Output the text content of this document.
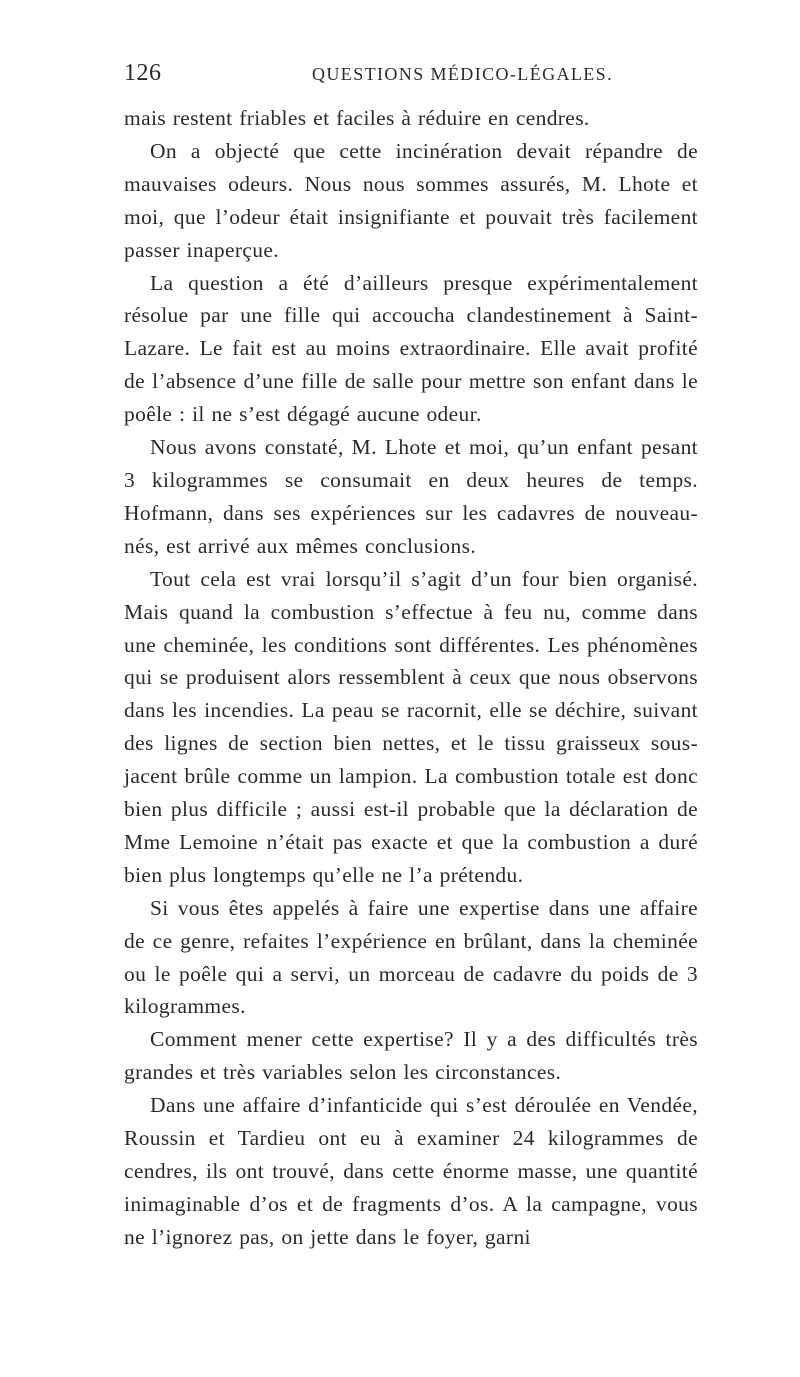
126	QUESTIONS MÉDICO-LÉGALES.

mais restent friables et faciles à réduire en cendres.

On a objecté que cette incinération devait répandre de mauvaises odeurs. Nous nous sommes assurés, M. Lhote et moi, que l’odeur était insignifiante et pouvait très facilement passer inaperçue.

La question a été d’ailleurs presque expérimentalement résolue par une fille qui accoucha clandestinement à Saint-Lazare. Le fait est au moins extraordinaire. Elle avait profité de l’absence d’une fille de salle pour mettre son enfant dans le poêle : il ne s’est dégagé aucune odeur.

Nous avons constaté, M. Lhote et moi, qu’un enfant pesant 3 kilogrammes se consumait en deux heures de temps. Hofmann, dans ses expériences sur les cadavres de nouveau-nés, est arrivé aux mêmes conclusions.

Tout cela est vrai lorsqu’il s’agit d’un four bien organisé. Mais quand la combustion s’effectue à feu nu, comme dans une cheminée, les conditions sont différentes. Les phénomènes qui se produisent alors ressemblent à ceux que nous observons dans les incendies. La peau se racornit, elle se déchire, suivant des lignes de section bien nettes, et le tissu graisseux sous-jacent brûle comme un lampion. La combustion totale est donc bien plus difficile ; aussi est-il probable que la déclaration de Mme Lemoine n’était pas exacte et que la combustion a duré bien plus longtemps qu’elle ne l’a prétendu.

Si vous êtes appelés à faire une expertise dans une affaire de ce genre, refaites l’expérience en brûlant, dans la cheminée ou le poêle qui a servi, un morceau de cadavre du poids de 3 kilogrammes.

Comment mener cette expertise? Il y a des difficultés très grandes et très variables selon les circonstances.

Dans une affaire d’infanticide qui s’est déroulée en Vendée, Roussin et Tardieu ont eu à examiner 24 kilogrammes de cendres, ils ont trouvé, dans cette énorme masse, une quantité inimaginable d’os et de fragments d’os. A la campagne, vous ne l’ignorez pas, on jette dans le foyer, garni
